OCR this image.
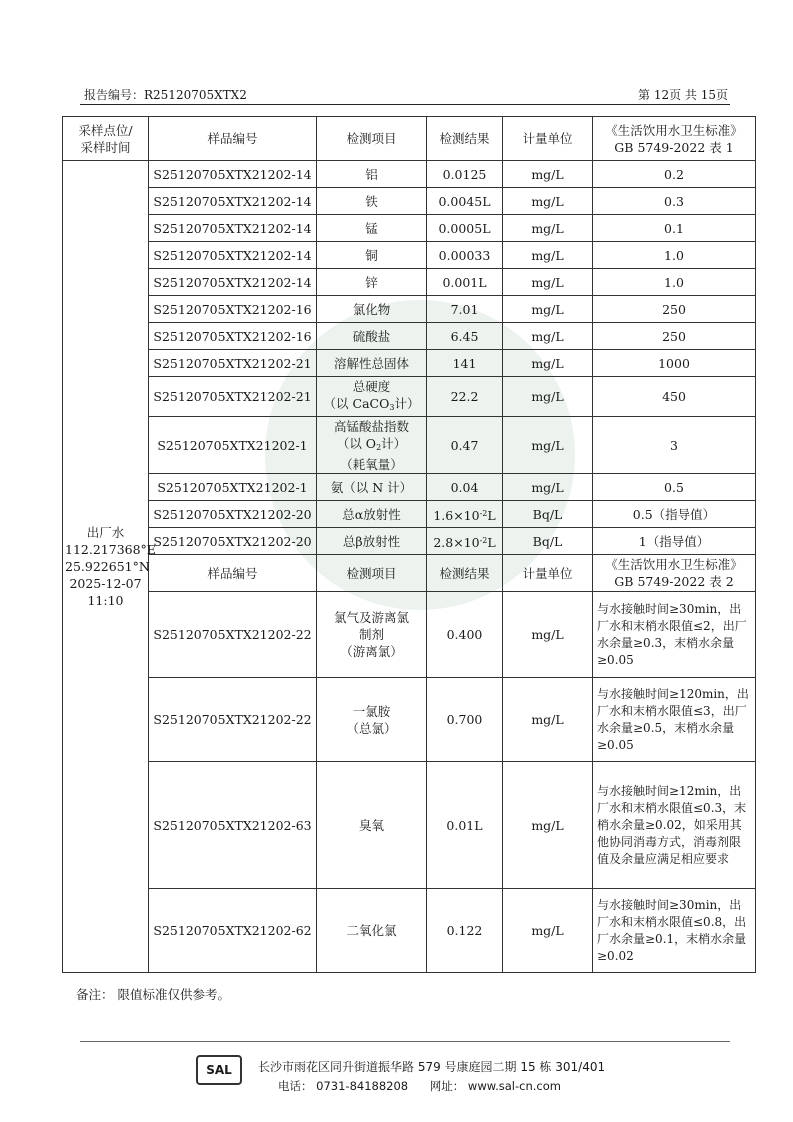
报告编号：R25120705XTX2	第 12页 共 15页
采样点位/
采样时间	样品编号	检测项目	检测结果	计量单位	《生活饮用水卫生标准》
GB 5749-2022 表 1
出厂水
112.217368°E
25.922651°N
2025-12-07
11:10	S25120705XTX21202-14	铝	0.0125	mg/L	0.2
	S25120705XTX21202-14	铁	0.0045L	mg/L	0.3
	S25120705XTX21202-14	锰	0.0005L	mg/L	0.1
	S25120705XTX21202-14	铜	0.00033	mg/L	1.0
	S25120705XTX21202-14	锌	0.001L	mg/L	1.0
	S25120705XTX21202-16	氯化物	7.01	mg/L	250
	S25120705XTX21202-16	硫酸盐	6.45	mg/L	250
	S25120705XTX21202-21	溶解性总固体	141	mg/L	1000
	S25120705XTX21202-21	总硬度
（以 CaCO$_3$计）	22.2	mg/L	450
	S25120705XTX21202-1	高锰酸盐指数
（以 $O_2$计）
（耗氧量）	0.47	mg/L	3
	S25120705XTX21202-1	氨（以 N 计）	0.04	mg/L	0.5
	S25120705XTX21202-20	总α放射性	$1.6\times 10^{-2}L$	Bq/L	0.5（指导值）
	S25120705XTX21202-20	总β放射性	$2.8\times 10^{-2}L$	Bq/L	1（指导值）
	样品编号	检测项目	检测结果	计量单位	《生活饮用水卫生标准》
GB 5749-2022 表 2
	S25120705XTX21202-22	氯气及游离氯
制剂
（游离氯）	0.400	mg/L	与水接触时间≥30min，出厂水和末梢水限值≤2，出厂水余量≥0.3，末梢水余量≥0.05
	S25120705XTX21202-22	一氯胺
（总氯）	0.700	mg/L	与水接触时间≥120min，出厂水和末梢水限值≤3，出厂水余量≥0.5，末梢水余量≥0.05
	S25120705XTX21202-63	臭氧	0.01L	mg/L	与水接触时间≥12min，出厂水和末梢水限值≤0.3，末梢水余量≥0.02，如采用其他协同消毒方式，消毒剂限值及余量应满足相应要求
	S25120705XTX21202-62	二氧化氯	0.122	mg/L	与水接触时间≥30min，出厂水和末梢水限值≤0.8，出厂水余量≥0.1，末梢水余量≥0.02
备注： 限值标准仅供参考。
SAL	长沙市雨花区同升街道振华路 579 号康庭园二期 15 栋 301/401
电话： 0731-84188208 网址： www.sal-cn.com
